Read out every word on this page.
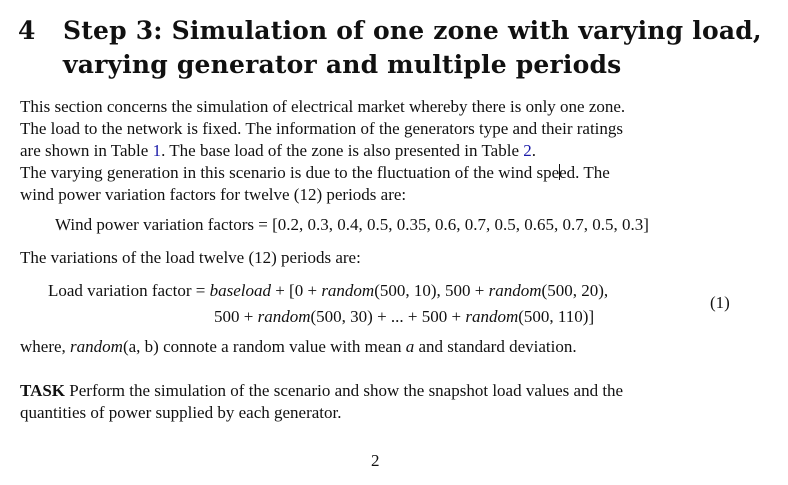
4 Step 3: Simulation of one zone with varying load,
varying generator and multiple periods
This section concerns the simulation of electrical market whereby there is only one zone.
The load to the network is fixed. The information of the generators type and their ratings
are shown in Table 1. The base load of the zone is also presented in Table 2.
The varying generation in this scenario is due to the fluctuation of the wind speed. The
wind power variation factors for twelve (12) periods are:
Wind power variation factors = [0.2, 0.3, 0.4, 0.5, 0.35, 0.6, 0.7, 0.5, 0.65, 0.7, 0.5, 0.3]
The variations of the load twelve (12) periods are:
Load variation factor = baseload + [0 + random(500, 10), 500 + random(500, 20),
500 + random(500, 30) + ... + 500 + random(500, 110)]
(1)
where, random(a, b) connote a random value with mean a and standard deviation.
TASK Perform the simulation of the scenario and show the snapshot load values and the
quantities of power supplied by each generator.
2
